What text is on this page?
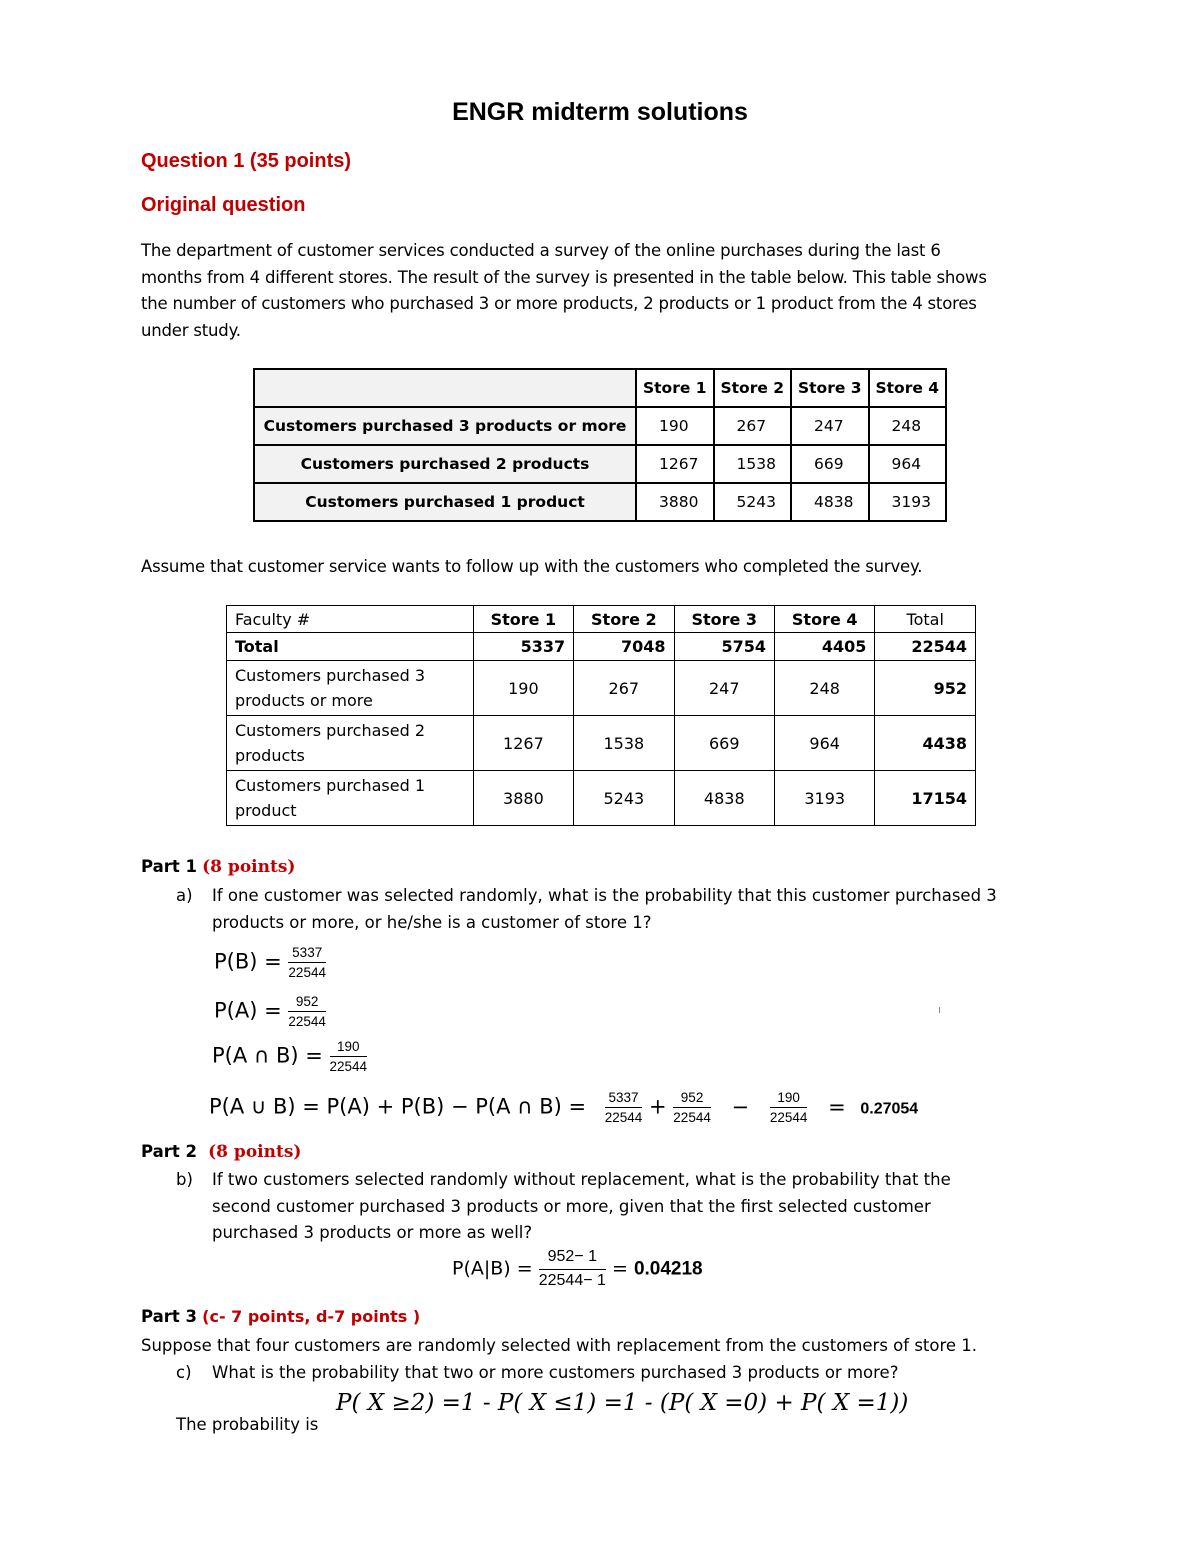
ENGR midterm solutions
Question 1 (35 points)
Original question

The department of customer services conducted a survey of the online purchases during the last 6

months from 4 different stores. The result of the survey is presented in the table below. This table shows

the number of customers who purchased 3 or more products, 2 products or 1 product from the 4 stores

under study.

	Store 1	Store 2	Store 3	Store 4
Customers purchased 3 products or more	190	267	247	248
Customers purchased 2 products	1267	1538	669	964
Customers purchased 1 product	3880	5243	4838	3193
Assume that customer service wants to follow up with the customers who completed the survey.
Faculty #	Store 1	Store 2	Store 3	Store 4	Total
Total	5337	7048	5754	4405	22544

Customers purchased 3
products or more	190	267	247	248	952

Customers purchased 2
products	1267	1538	669	964	4438

Customers purchased 1
product	3880	5243	4838	3193	17154
Part 1 (8 points)
a) If one customer was selected randomly, what is the probability that this customer purchased 3
products or more, or he/she is a customer of store 1?
$P(B) = \frac{5337}{22544}$
$P(A) = \frac{952}{22544}$
P(A ∩ $B) = \frac{190}{22544}$
P(A ∪ B) = P(A) + P(B) − P(A ∩ $B) = \frac{5337}{22544} + \frac{952}{22544} - \frac{190}{22544} = 0.27054$
ı
Part 2 (8 points)
b) If two customers selected randomly without replacement, what is the probability that the
second customer purchased 3 products or more, given that the first selected customer
purchased 3 products or more as well?
$P(A|B) = \frac{952- 1}{22544- 1} = 0.04218$
Part 3 (c- 7 points, d-7 points )
Suppose that four customers are randomly selected with replacement from the customers of store 1.
c) What is the probability that two or more customers purchased 3 products or more?
P( X ≥2) =1 - P( X ≤1) =1 - (P( X =0) + P( X =1))
The probability is
